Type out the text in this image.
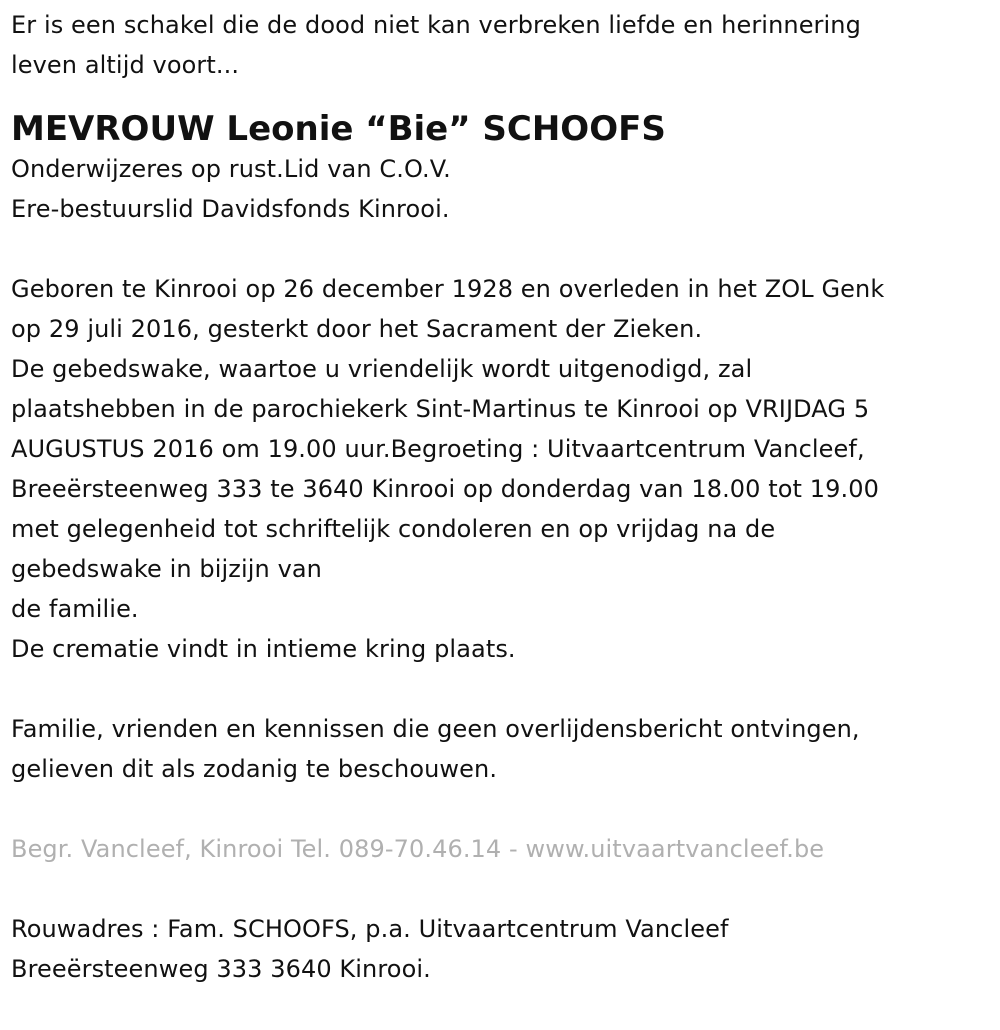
Er is een schakel die de dood niet kan verbreken liefde en herinnering
leven altijd voort...
MEVROUW Leonie “Bie” SCHOOFS
Onderwijzeres op rust.Lid van C.O.V.
Ere-bestuurslid Davidsfonds Kinrooi.
Geboren te Kinrooi op 26 december 1928 en overleden in het ZOL Genk
op 29 juli 2016, gesterkt door het Sacrament der Zieken.
De gebedswake, waartoe u vriendelijk wordt uitgenodigd, zal
plaatshebben in de parochiekerk Sint-Martinus te Kinrooi op VRIJDAG 5
AUGUSTUS 2016 om 19.00 uur.Begroeting : Uitvaartcentrum Vancleef,
Breeërsteenweg 333 te 3640 Kinrooi op donderdag van 18.00 tot 19.00
met gelegenheid tot schriftelijk condoleren en op vrijdag na de
gebedswake in bijzijn van
de familie.
De crematie vindt in intieme kring plaats.
Familie, vrienden en kennissen die geen overlijdensbericht ontvingen,
gelieven dit als zodanig te beschouwen.
Begr. Vancleef, Kinrooi Tel. 089-70.46.14 - www.uitvaartvancleef.be
Rouwadres : Fam. SCHOOFS, p.a. Uitvaartcentrum Vancleef
Breeërsteenweg 333 3640 Kinrooi.
